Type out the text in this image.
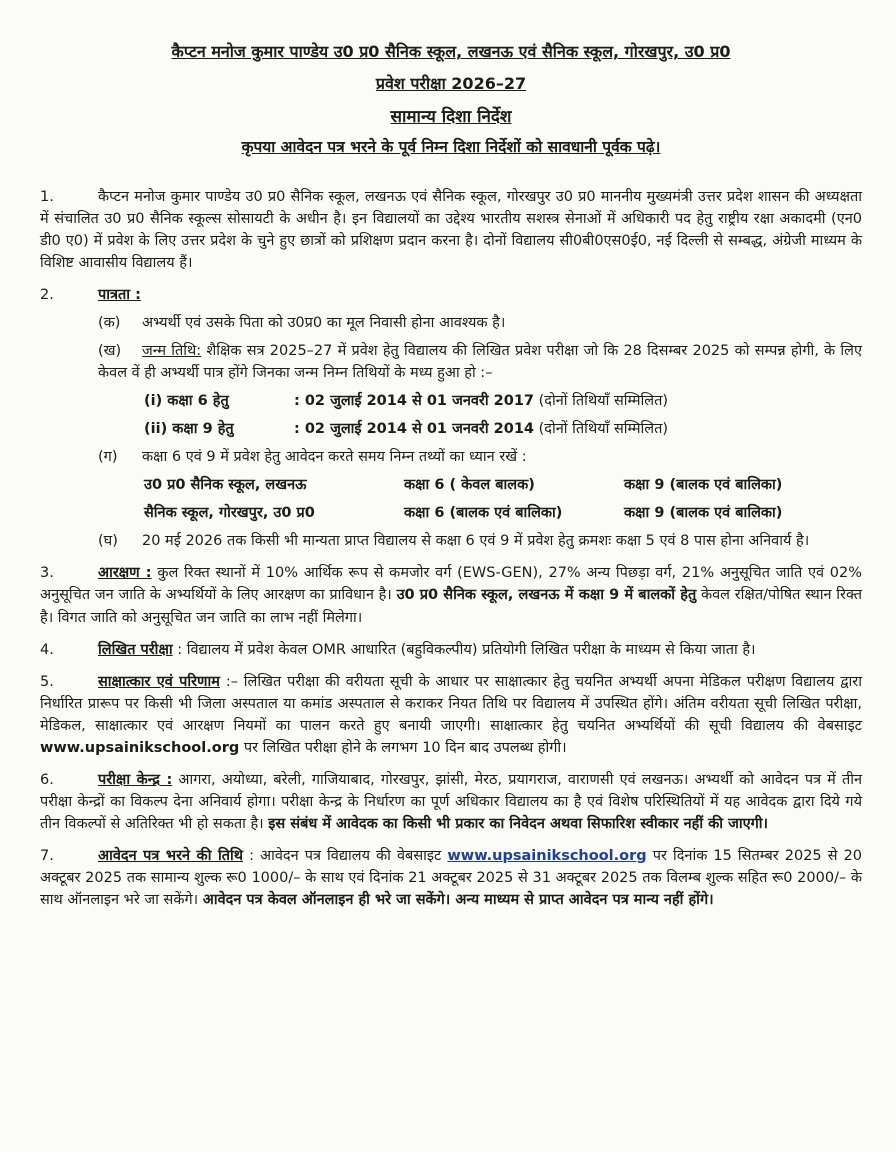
कैप्टन मनोज कुमार पाण्डेय उ0 प्र0 सैनिक स्कूल, लखनऊ एवं सैनिक स्कूल, गोरखपुर, उ0 प्र0
प्रवेश परीक्षा 2026–27
सामान्य दिशा निर्देश
कृपया आवेदन पत्र भरने के पूर्व निम्न दिशा निर्देशों को सावधानी पूर्वक पढ़े।

1.	कैप्टन मनोज कुमार पाण्डेय उ0 प्र0 सैनिक स्कूल, लखनऊ एवं सैनिक स्कूल, गोरखपुर उ0 प्र0 माननीय मुख्यमंत्री उत्तर प्रदेश शासन की अध्यक्षता में संचालित उ0 प्र0 सैनिक स्कूल्स सोसायटी के अधीन है। इन विद्यालयों का उद्देश्य भारतीय सशस्त्र सेनाओं में अधिकारी पद हेतु राष्ट्रीय रक्षा अकादमी (एन0 डी0 ए0) में प्रवेश के लिए उत्तर प्रदेश के चुने हुए छात्रों को प्रशिक्षण प्रदान करना है। दोनों विद्यालय सी0बी0एस0ई0, नई दिल्ली से सम्बद्ध, अंग्रेजी माध्यम के विशिष्ट आवासीय विद्यालय हैं।

2.	पात्रता :

(क) अभ्यर्थी एवं उसके पिता को उ0प्र0 का मूल निवासी होना आवश्यक है।

(ख) जन्म तिथि: शैक्षिक सत्र 2025–27 में प्रवेश हेतु विद्यालय की लिखित प्रवेश परीक्षा जो कि 28 दिसम्बर 2025 को सम्पन्न होगी, के लिए केवल वें ही अभ्यर्थी पात्र होंगे जिनका जन्म निम्न तिथियों के मध्य हुआ हो :–

(i) कक्षा 6 हेतु	: 02 जुलाई 2014 से 01 जनवरी 2017
(दोनों तिथियाँ सम्मिलित)
(ii) कक्षा 9 हेतु	: 02 जुलाई 2014 से 01 जनवरी 2014
(दोनों तिथियाँ सम्मिलित)

(ग) कक्षा 6 एवं 9 में प्रवेश हेतु आवेदन करते समय निम्न तथ्यों का ध्यान रखें :

उ0 प्र0 सैनिक स्कूल, लखनऊ	कक्षा 6 ( केवल बालक)	कक्षा 9 (बालक एवं बालिका)
सैनिक स्कूल, गोरखपुर, उ0 प्र0	कक्षा 6 (बालक एवं बालिका)	कक्षा 9 (बालक एवं बालिका)

(घ) 20 मई 2026 तक किसी भी मान्यता प्राप्त विद्यालय से कक्षा 6 एवं 9 में प्रवेश हेतु क्रमशः कक्षा 5 एवं 8 पास होना अनिवार्य है।

3.	आरक्षण : कुल रिक्त स्थानों में 10% आर्थिक रूप से कमजोर वर्ग (EWS-GEN), 27% अन्य पिछड़ा वर्ग, 21% अनुसूचित जाति एवं 02% अनुसूचित जन जाति के अभ्यर्थियों के लिए आरक्षण का प्राविधान है। उ0 प्र0 सैनिक स्कूल, लखनऊ में कक्षा 9 में बालकों हेतु केवल रक्षित/पोषित स्थान रिक्त है। विगत जाति को अनुसूचित जन जाति का लाभ नहीं मिलेगा।

4.	लिखित परीक्षा : विद्यालय में प्रवेश केवल OMR आधारित (बहुविकल्पीय) प्रतियोगी लिखित परीक्षा के माध्यम से किया जाता है।

5.	साक्षात्कार एवं परिणाम :– लिखित परीक्षा की वरीयता सूची के आधार पर साक्षात्कार हेतु चयनित अभ्यर्थी अपना मेडिकल परीक्षण विद्यालय द्वारा निर्धारित प्रारूप पर किसी भी जिला अस्पताल या कमांड अस्पताल से कराकर नियत तिथि पर विद्यालय में उपस्थित होंगे। अंतिम वरीयता सूची लिखित परीक्षा, मेडिकल, साक्षात्कार एवं आरक्षण नियमों का पालन करते हुए बनायी जाएगी। साक्षात्कार हेतु चयनित अभ्यर्थियों की सूची विद्यालय की वेबसाइट www.upsainikschool.org पर लिखित परीक्षा होने के लगभग 10 दिन बाद उपलब्ध होगी।

6.	परीक्षा केन्द्र : आगरा, अयोध्या, बरेली, गाजियाबाद, गोरखपुर, झांसी, मेरठ, प्रयागराज, वाराणसी एवं लखनऊ। अभ्यर्थी को आवेदन पत्र में तीन परीक्षा केन्द्रों का विकल्प देना अनिवार्य होगा। परीक्षा केन्द्र के निर्धारण का पूर्ण अधिकार विद्यालय का है एवं विशेष परिस्थितियों में यह आवेदक द्वारा दिये गये तीन विकल्पों से अतिरिक्त भी हो सकता है। इस संबंध में आवेदक का किसी भी प्रकार का निवेदन अथवा सिफारिश स्वीकार नहीं की जाएगी।

7.	आवेदन पत्र भरने की तिथि : आवेदन पत्र विद्यालय की वेबसाइट www.upsainikschool.org पर दिनांक 15 सितम्बर 2025 से 20 अक्टूबर 2025 तक सामान्य शुल्क रू0 1000/– के साथ एवं दिनांक 21 अक्टूबर 2025 से 31 अक्टूबर 2025 तक विलम्ब शुल्क सहित रू0 2000/– के साथ ऑनलाइन भरे जा सकेंगे। आवेदन पत्र केवल ऑनलाइन ही भरे जा सकेंगे। अन्य माध्यम से प्राप्त आवेदन पत्र मान्य नहीं होंगे।
